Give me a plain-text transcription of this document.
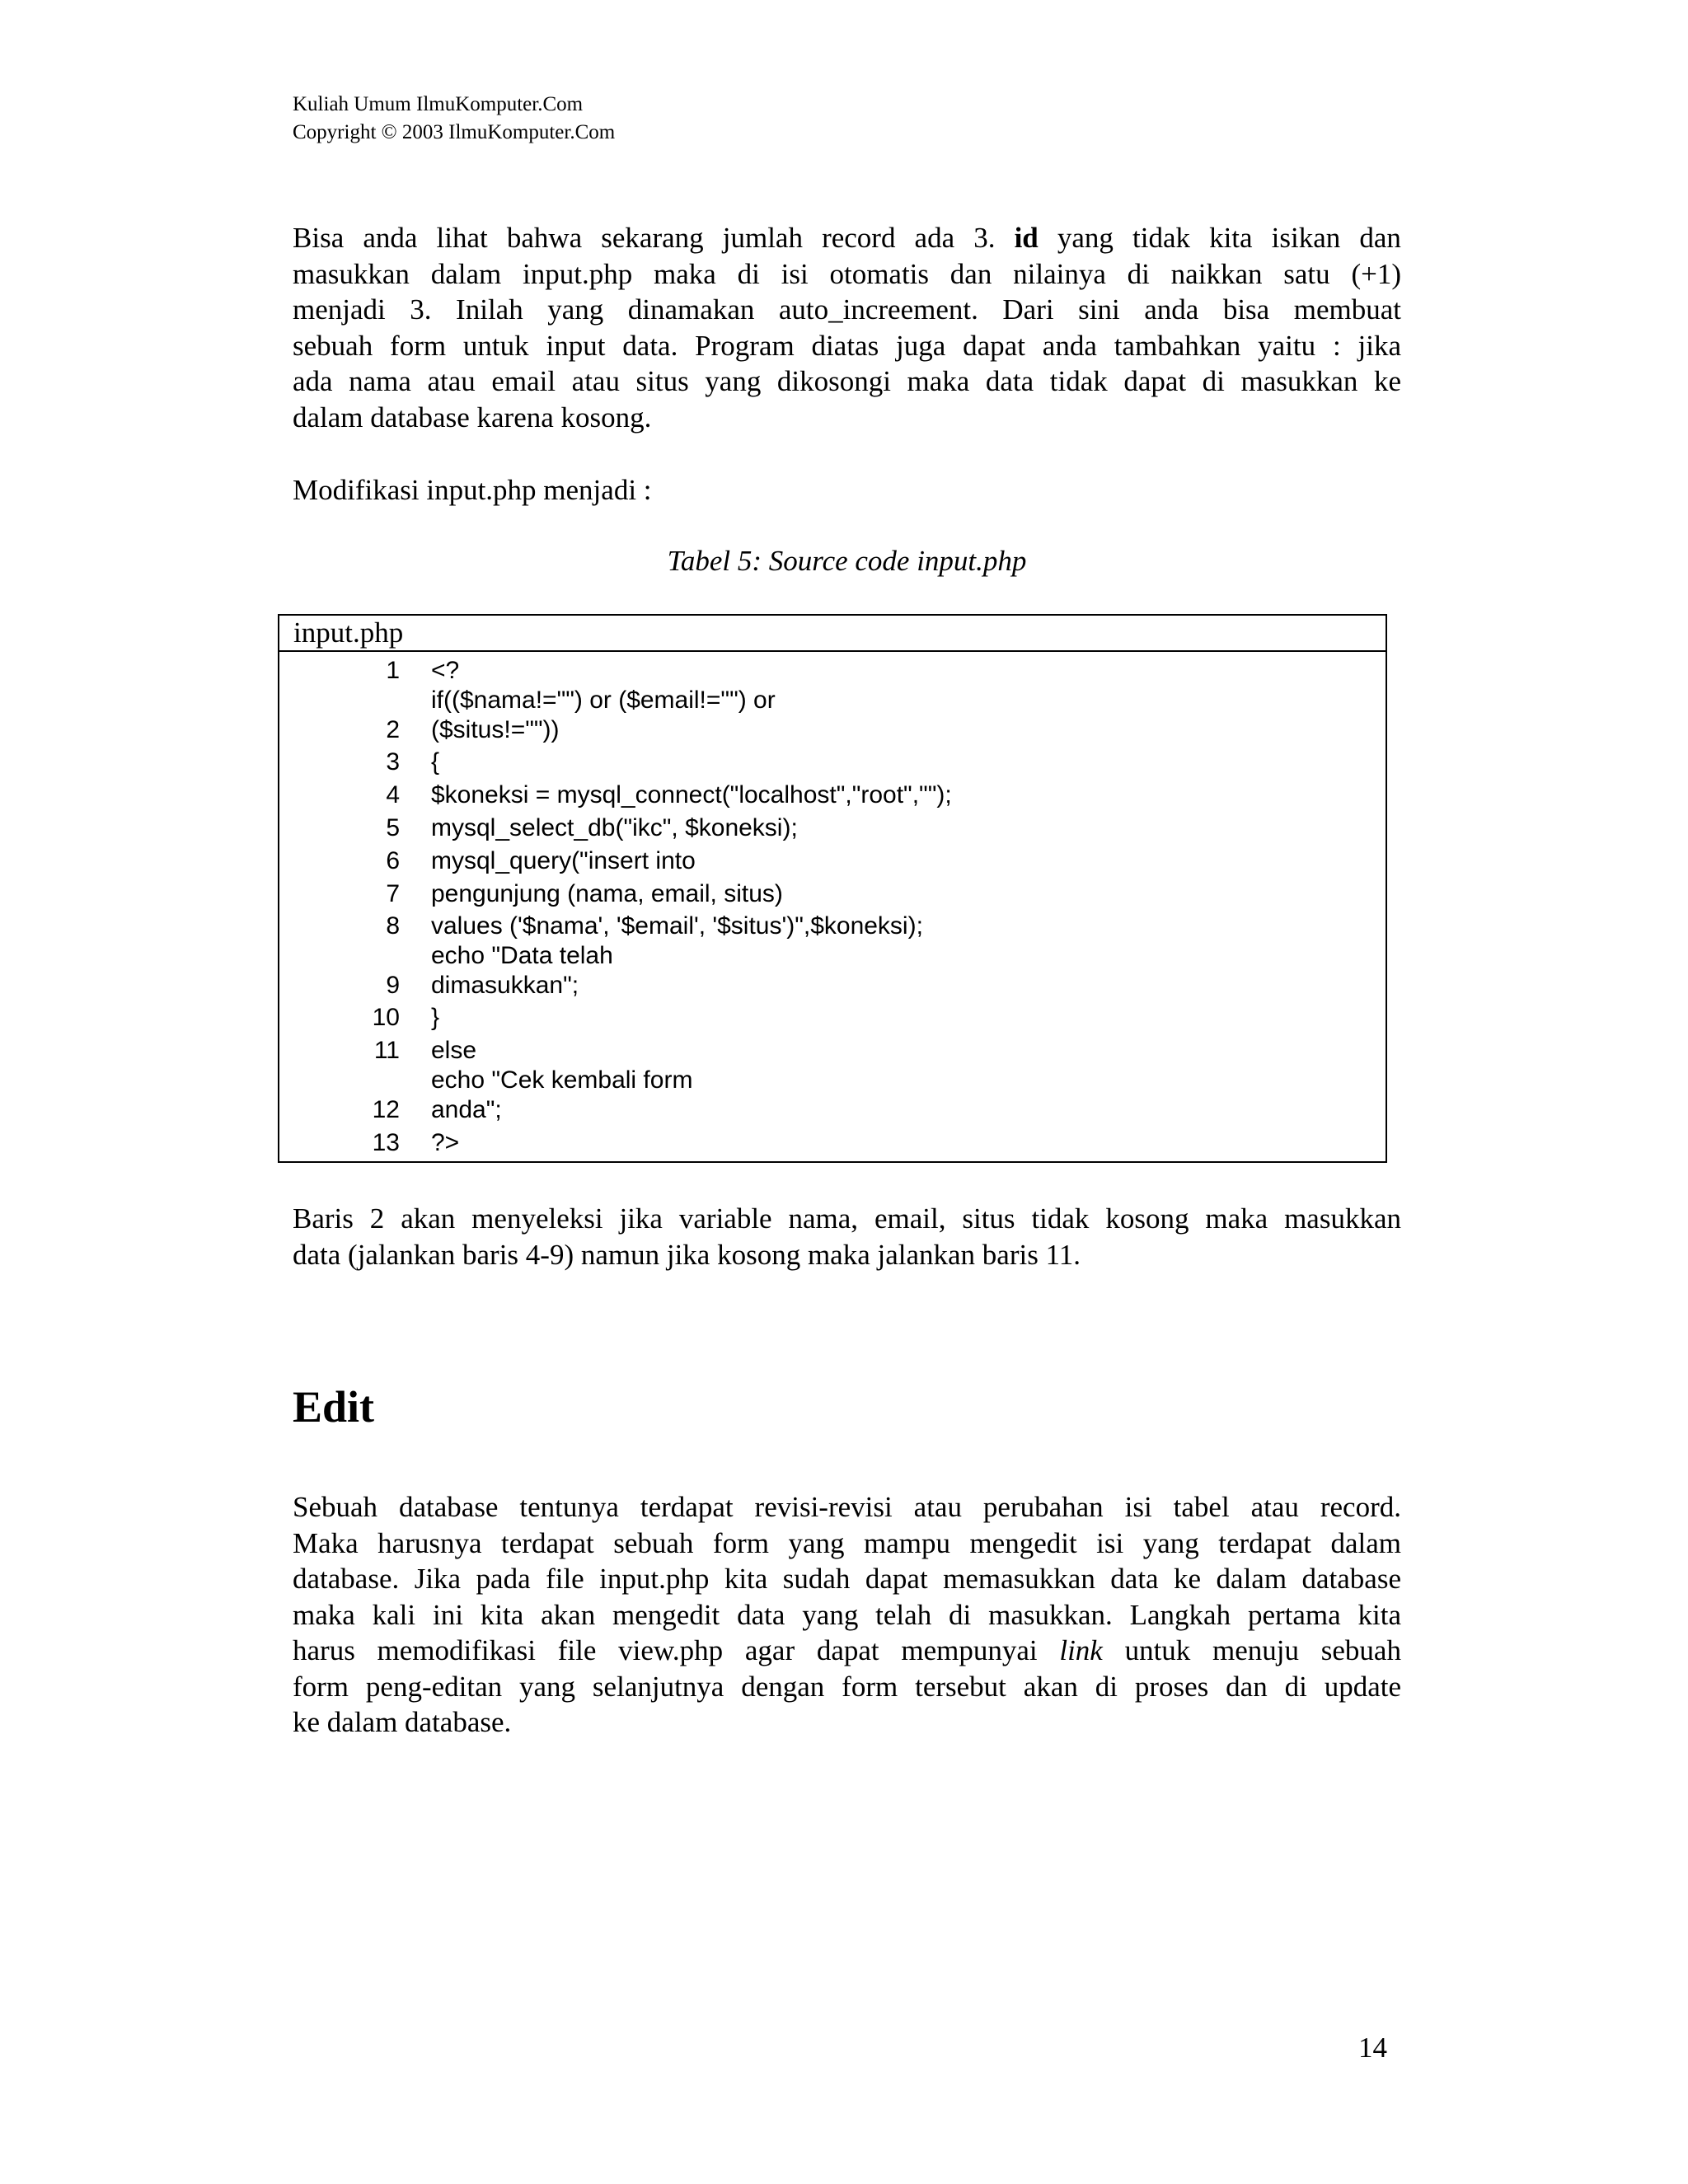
Kuliah Umum IlmuKomputer.Com
Copyright © 2003 IlmuKomputer.Com
Bisa anda lihat bahwa sekarang jumlah record ada 3. id yang tidak kita isikan dan
masukkan dalam input.php maka di isi otomatis dan nilainya di naikkan satu (+1)
menjadi 3. Inilah yang dinamakan auto_increement. Dari sini anda bisa membuat
sebuah form untuk input data. Program diatas juga dapat anda tambahkan yaitu : jika
ada nama atau email atau situs yang dikosongi maka data tidak dapat di masukkan ke
dalam database karena kosong.
Modifikasi input.php menjadi :
Tabel 5: Source code input.php
input.php
1 <?
if(($nama!="") or ($email!="") or
2 ($situs!=""))
3 {
4 $koneksi = mysql_connect("localhost","root","");
5 mysql_select_db("ikc", $koneksi);
6 mysql_query("insert into
7 pengunjung (nama, email, situs)
8 values ('$nama', '$email', '$situs')",$koneksi);
echo "Data telah
9 dimasukkan";
10 }
11 else
echo "Cek kembali form
12 anda";
13 ?>
Baris 2 akan menyeleksi jika variable nama, email, situs tidak kosong maka masukkan
data (jalankan baris 4-9) namun jika kosong maka jalankan baris 11.
Edit
Sebuah database tentunya terdapat revisi-revisi atau perubahan isi tabel atau record.
Maka harusnya terdapat sebuah form yang mampu mengedit isi yang terdapat dalam
database. Jika pada file input.php kita sudah dapat memasukkan data ke dalam database
maka kali ini kita akan mengedit data yang telah di masukkan. Langkah pertama kita
harus memodifikasi file view.php agar dapat mempunyai link untuk menuju sebuah
form peng-editan yang selanjutnya dengan form tersebut akan di proses dan di update
ke dalam database.
14
